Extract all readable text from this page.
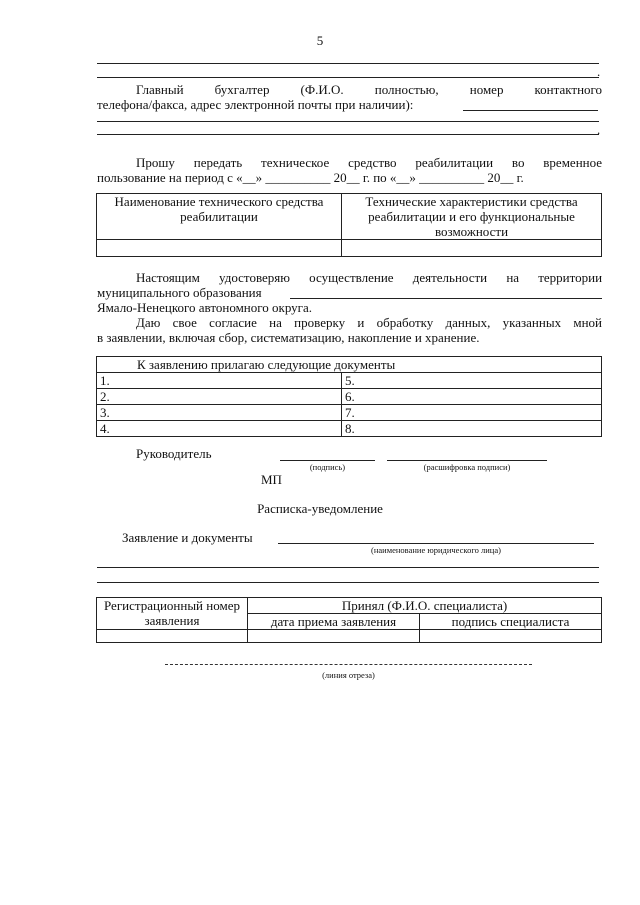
5
.
Главный бухгалтер (Ф.И.О. полностью, номер контактного
телефона/факса, адрес электронной почты при наличии):
.
Прошу передать техническое средство реабилитации во временное
пользование на период с «__» __________ 20__ г. по «__» __________ 20__ г.
Наименование технического средства реабилитации	Технические характеристики средства реабилитации и его функциональные возможности

Настоящим удостоверяю осуществление деятельности на территории
муниципального образования
Ямало-Ненецкого автономного округа.
Даю свое согласие на проверку и обработку данных, указанных мной
в заявлении, включая сбор, систематизацию, накопление и хранение.
К заявлению прилагаю следующие документы	
1.	5.
2.	6.
3.	7.
4.	8.
Руководитель
(подпись)	(расшифровка подписи)
МП
Расписка-уведомление
Заявление и документы
(наименование юридического лица)
Регистрационный номер заявления	Принял (Ф.И.О. специалиста)	
	дата приема заявления	подпись специалиста

(линия отреза)
